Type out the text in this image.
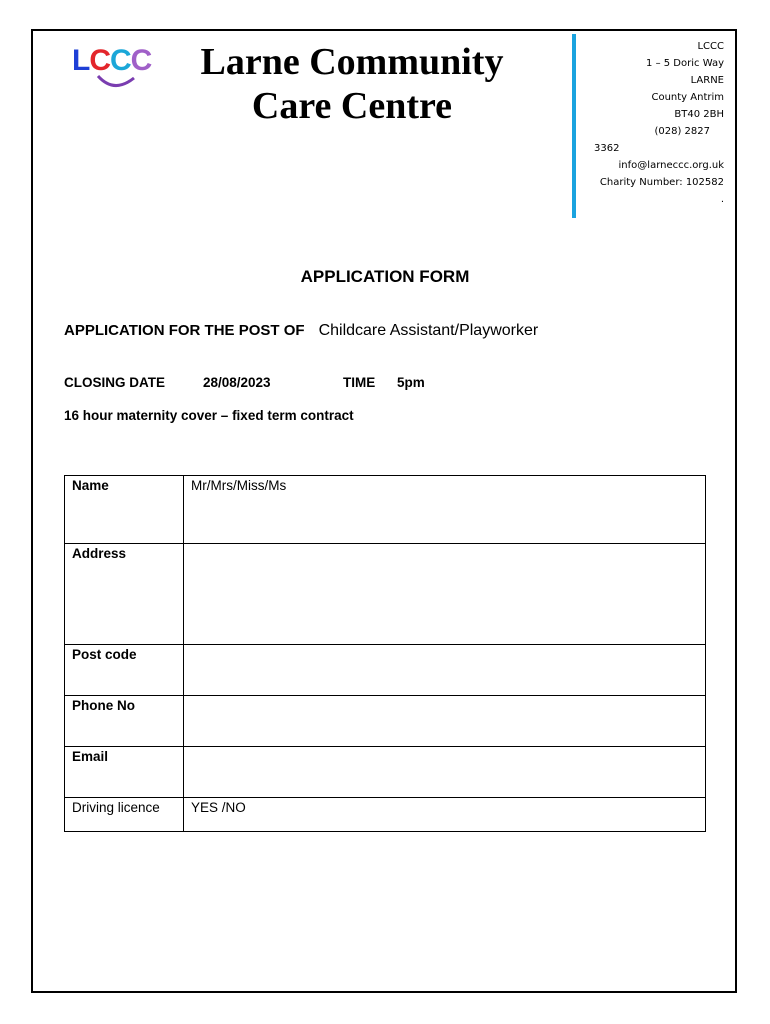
LCCC	Larne Community
Care Centre
LCCC
1 – 5 Doric Way
LARNE
County Antrim
BT40 2BH
(028) 2827
3362
info@larneccc.org.uk
Charity Number: 102582
.
APPLICATION FORM
APPLICATION FOR THE POST OF Childcare Assistant/Playworker
CLOSING DATE	28/08/2023	TIME 5pm
16 hour maternity cover – fixed term contract
Name	Mr/Mrs/Miss/Ms
Address	
Post code	
Phone No	
Email	
Driving licence	YES /NO
